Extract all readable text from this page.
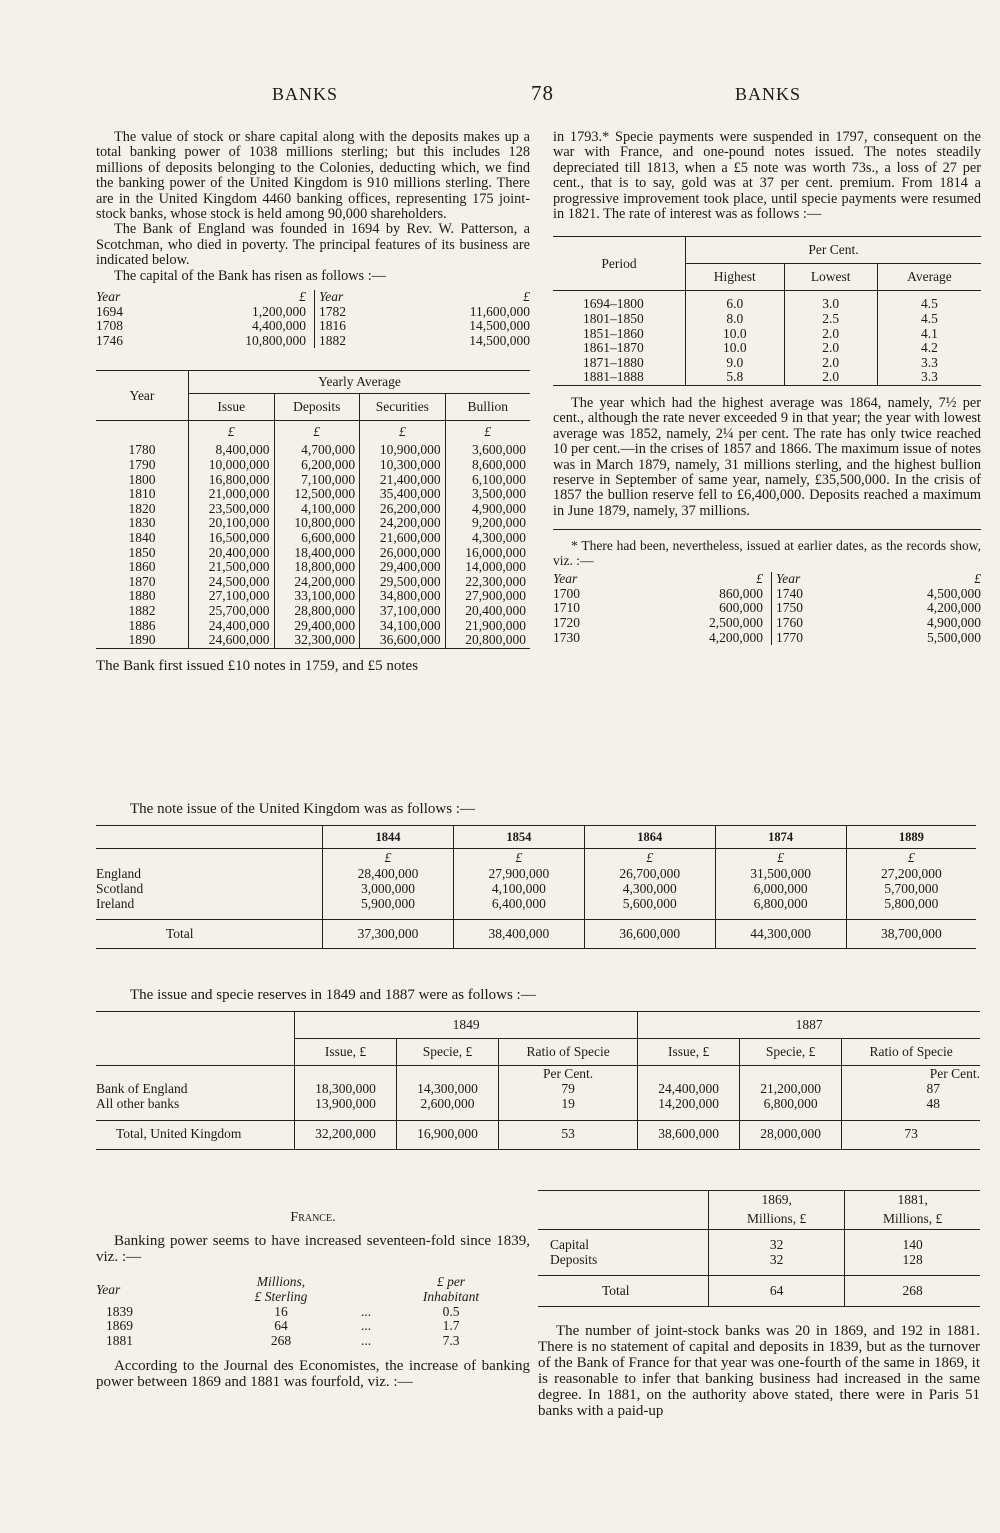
BANKS	78	BANKS

The value of stock or share capital along with the deposits makes up a total banking power of 1038 millions sterling; but this includes 128 millions of deposits belonging to the Colonies, deducting which, we find the banking power of the United Kingdom is 910 millions sterling. There are in the United Kingdom 4460 banking offices, representing 175 joint-stock banks, whose stock is held among 90,000 shareholders.

The Bank of England was founded in 1694 by Rev. W. Patterson, a Scotchman, who died in poverty. The principal features of its business are indicated below.

The capital of the Bank has risen as follows :—

Year	£	Year	£
1694	1,200,000	1782	11,600,000
1708	4,400,000	1816	14,500,000
1746	10,800,000	1882	14,500,000
Year	Yearly Average			
	Issue	Deposits	Securities	Bullion
	£	£	£	£
1780	8,400,000	4,700,000	10,900,000	3,600,000
1790	10,000,000	6,200,000	10,300,000	8,600,000
1800	16,800,000	7,100,000	21,400,000	6,100,000
1810	21,000,000	12,500,000	35,400,000	3,500,000
1820	23,500,000	4,100,000	26,200,000	4,900,000
1830	20,100,000	10,800,000	24,200,000	9,200,000
1840	16,500,000	6,600,000	21,600,000	4,300,000
1850	20,400,000	18,400,000	26,000,000	16,000,000
1860	21,500,000	18,800,000	29,400,000	14,000,000
1870	24,500,000	24,200,000	29,500,000	22,300,000
1880	27,100,000	33,100,000	34,800,000	27,900,000
1882	25,700,000	28,800,000	37,100,000	20,400,000
1886	24,400,000	29,400,000	34,100,000	21,900,000
1890	24,600,000	32,300,000	36,600,000	20,800,000

The Bank first issued £10 notes in 1759, and £5 notes

in 1793.* Specie payments were suspended in 1797, consequent on the war with France, and one-pound notes issued. The notes steadily depreciated till 1813, when a £5 note was worth 73s., a loss of 27 per cent., that is to say, gold was at 37 per cent. premium. From 1814 a progressive improvement took place, until specie payments were resumed in 1821. The rate of interest was as follows :—

Period	Per Cent.		
	Highest	Lowest	Average

1694–1800	6.0	3.0	4.5
1801–1850	8.0	2.5	4.5
1851–1860	10.0	2.0	4.1
1861–1870	10.0	2.0	4.2
1871–1880	9.0	2.0	3.3
1881–1888	5.8	2.0	3.3

The year which had the highest average was 1864, namely, 7½ per cent., although the rate never exceeded 9 in that year; the year with lowest average was 1852, namely, 2¼ per cent. The rate has only twice reached 10 per cent.—in the crises of 1857 and 1866. The maximum issue of notes was in March 1879, namely, 31 millions sterling, and the highest bullion reserve in September of same year, namely, £35,500,000. In the crisis of 1857 the bullion reserve fell to £6,400,000. Deposits reached a maximum in June 1879, namely, 37 millions.

* There had been, nevertheless, issued at earlier dates, as the records show, viz. :—

Year	£	Year	£
1700	860,000	1740	4,500,000
1710	600,000	1750	4,200,000
1720	2,500,000	1760	4,900,000
1730	4,200,000	1770	5,500,000

The note issue of the United Kingdom was as follows :—

	1844	1854	1864	1874	1889
	£	£	£	£	£
England	28,400,000	27,900,000	26,700,000	31,500,000	27,200,000
Scotland	3,000,000	4,100,000	4,300,000	6,000,000	5,700,000
Ireland	5,900,000	6,400,000	5,600,000	6,800,000	5,800,000

Total	37,300,000	38,400,000	36,600,000	44,300,000	38,700,000

The issue and specie reserves in 1849 and 1887 were as follows :—

	1849			1887		
	Issue, £	Specie, £	Ratio of Specie	Issue, £	Specie, £	Ratio of Specie
			Per Cent.			Per Cent.
Bank of England	18,300,000	14,300,000	79	24,400,000	21,200,000	87
All other banks	13,900,000	2,600,000	19	14,200,000	6,800,000	48

Total, United Kingdom	32,200,000	16,900,000	53	38,600,000	28,000,000	73

France.

Banking power seems to have increased seventeen-fold since 1839, viz. :—

Year	Millions,		£ per
	£ Sterling		Inhabitant
1839	16	...	0.5
1869	64	...	1.7
1881	268	...	7.3

According to the Journal des Economistes, the increase of banking power between 1869 and 1881 was fourfold, viz. :—

	1869,	1881,
	Millions, £	Millions, £

Capital	32	140
Deposits	32	128

Total	64	268

The number of joint-stock banks was 20 in 1869, and 192 in 1881. There is no statement of capital and deposits in 1839, but as the turnover of the Bank of France for that year was one-fourth of the same in 1869, it is reasonable to infer that banking business had increased in the same degree. In 1881, on the authority above stated, there were in Paris 51 banks with a paid-up
